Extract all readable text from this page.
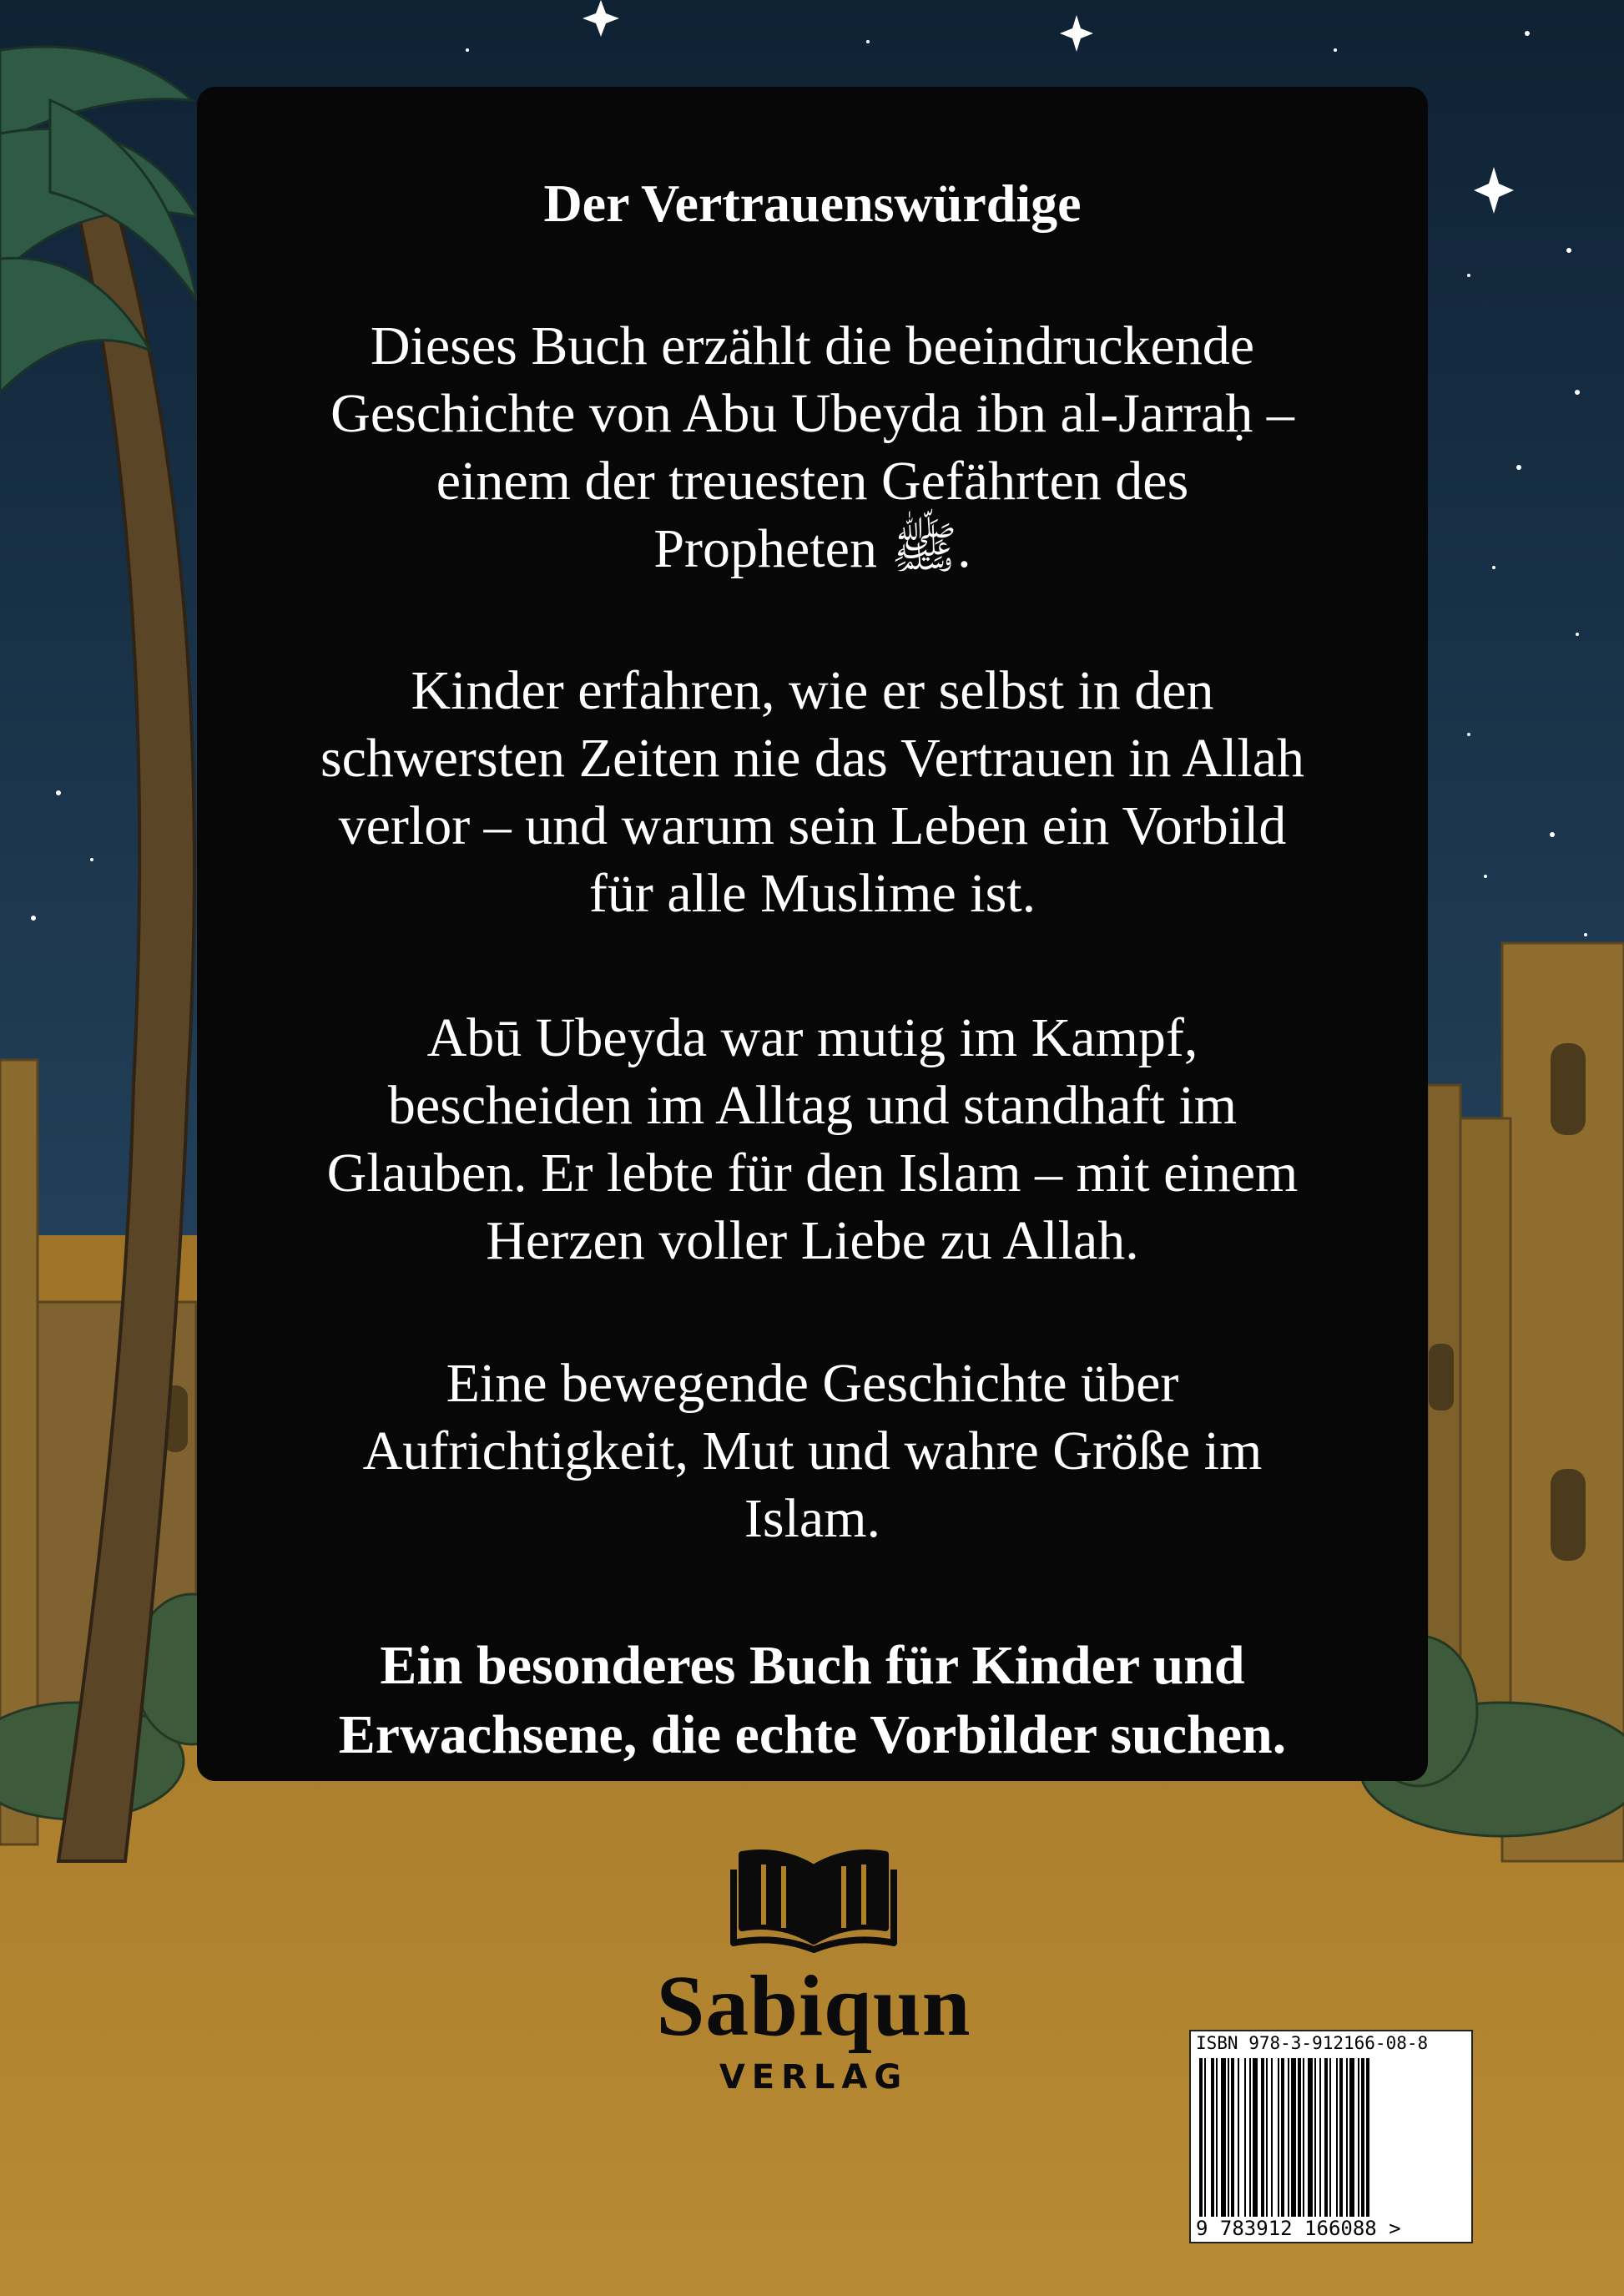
Der Vertrauenswürdige

Dieses Buch erzählt die beeindruckende
Geschichte von Abu Ubeyda ibn al-Jarraḥ –
einem der treuesten Gefährten des
Propheten ﷺ.

Kinder erfahren, wie er selbst in den
schwersten Zeiten nie das Vertrauen in Allah
verlor – und warum sein Leben ein Vorbild
für alle Muslime ist.

Abū Ubeyda war mutig im Kampf,
bescheiden im Alltag und standhaft im
Glauben. Er lebte für den Islam – mit einem
Herzen voller Liebe zu Allah.

Eine bewegende Geschichte über
Aufrichtigkeit, Mut und wahre Größe im
Islam.

Ein besonderes Buch für Kinder und
Erwachsene, die echte Vorbilder suchen.

Sabiqun
VERLAG
ISBN 978-3-912166-08-8
9 783912 166088 >
